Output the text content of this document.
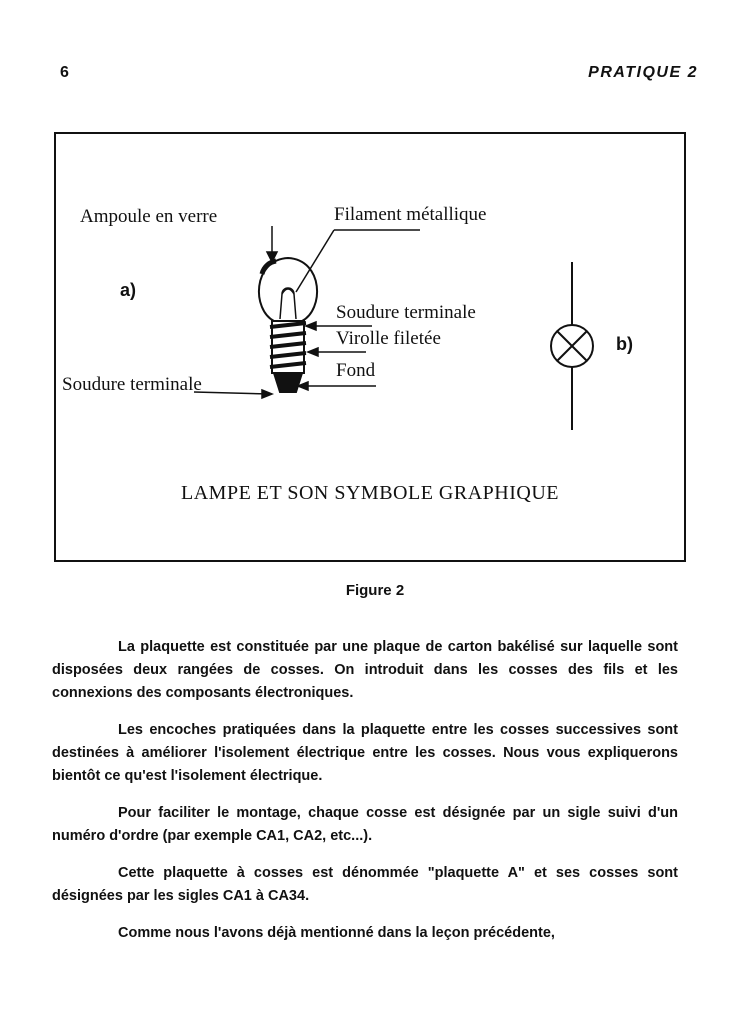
6	PRATIQUE 2
a)
b)
Ampoule en verre	Filament métallique
Soudure terminale
Virolle filetée
Fond
Soudure terminale
LAMPE ET SON SYMBOLE GRAPHIQUE
Figure 2

La plaquette est constituée par une plaque de carton bakélisé sur laquelle sont disposées deux rangées de cosses. On introduit dans les cosses des fils et les connexions des composants électroniques.

Les encoches pratiquées dans la plaquette entre les cosses successives sont destinées à améliorer l'isolement électrique entre les cosses. Nous vous expliquerons bientôt ce qu'est l'isolement électrique.

Pour faciliter le montage, chaque cosse est désignée par un sigle suivi d'un numéro d'ordre (par exemple CA1, CA2, etc...).

Cette plaquette à cosses est dénommée "plaquette A" et ses cosses sont désignées par les sigles CA1 à CA34.

Comme nous l'avons déjà mentionné dans la leçon précédente,
